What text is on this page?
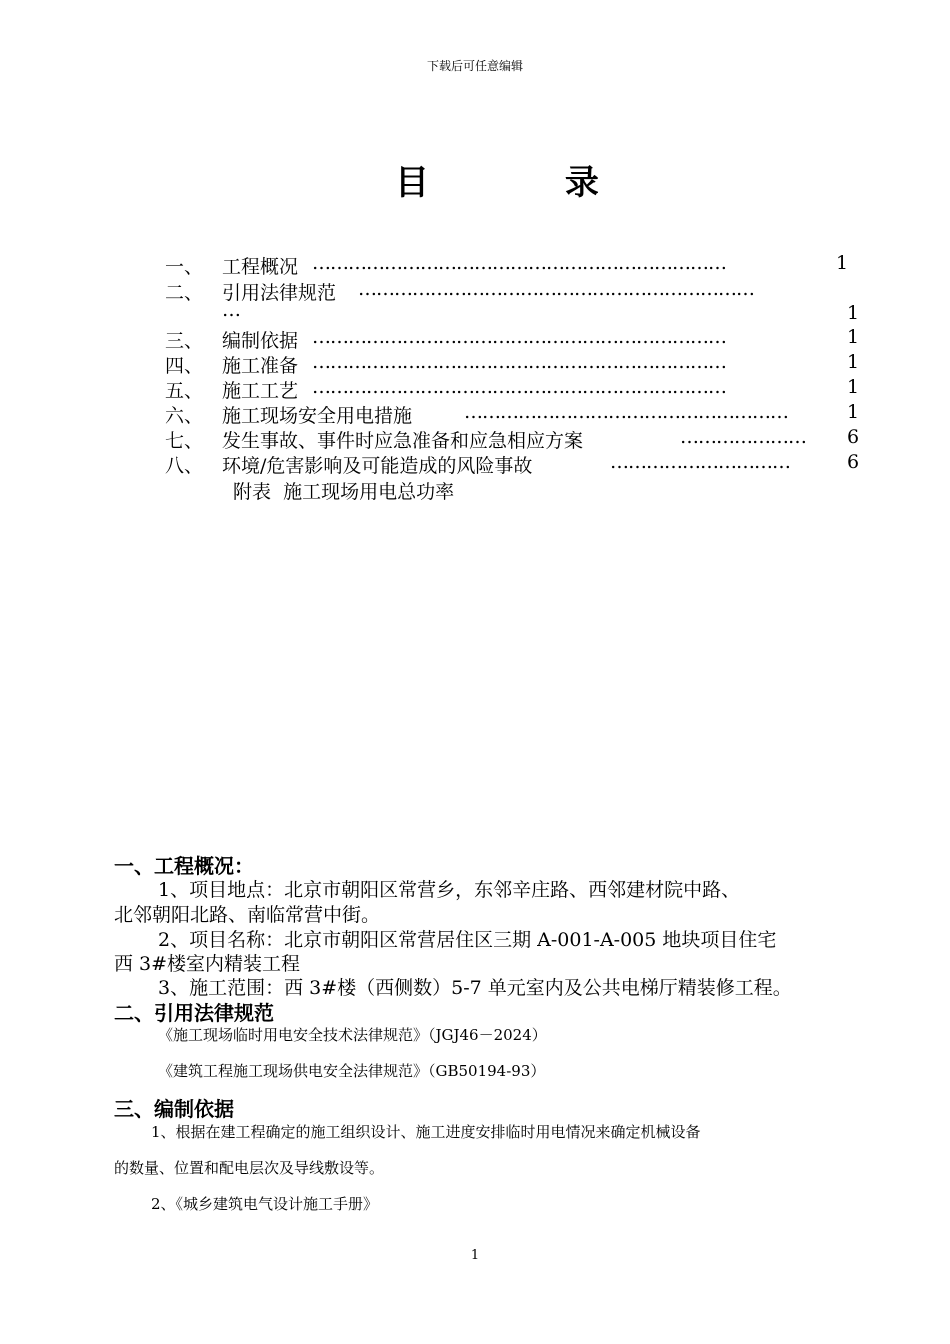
下载后可任意编辑
目 录
一、 工程概况 ……………………………………………………………	1
二、 引用法律规范 …………………………………………………………
…	1
三、 编制依据 ……………………………………………………………	1
四、 施工准备 ……………………………………………………………	1
五、 施工工艺 ……………………………………………………………	1
六、 施工现场安全用电措施	………………………………………………	1
七、 发生事故、事件时应急准备和应急相应方案	………………… 6
八、 环境/危害影响及可能造成的风险事故	…………………………	6
附表  施工现场用电总功率
一、工程概况：
1、项目地点：北京市朝阳区常营乡，东邻辛庄路、西邻建材院中路、
北邻朝阳北路、南临常营中街。
2、项目名称：北京市朝阳区常营居住区三期 A-001-A-005 地块项目住宅
西 3#楼室内精装工程
3、施工范围：西 3#楼（西侧数）5-7 单元室内及公共电梯厅精装修工程。
二、引用法律规范
《施工现场临时用电安全技术法律规范》（JGJ46－2024）
《建筑工程施工现场供电安全法律规范》（GB50194-93）
三、编制依据
1、根据在建工程确定的施工组织设计、施工进度安排临时用电情况来确定机械设备
的数量、位置和配电层次及导线敷设等。
2、《城乡建筑电气设计施工手册》
1
